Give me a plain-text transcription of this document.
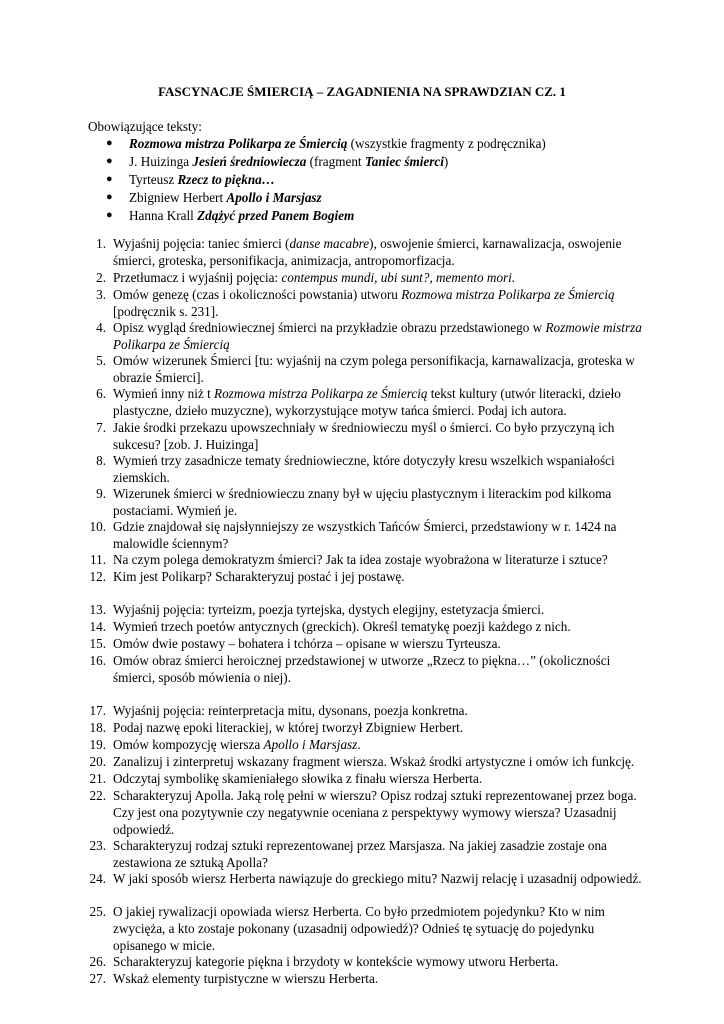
FASCYNACJE ŚMIERCIĄ – ZAGADNIENIA NA SPRAWDZIAN CZ. 1
Obowiązujące teksty:
● Rozmowa mistrza Polikarpa ze Śmiercią (wszystkie fragmenty z podręcznika)
● J. Huizinga Jesień średniowiecza (fragment Taniec śmierci)
● Tyrteusz Rzecz to piękna…
● Zbigniew Herbert Apollo i Marsjasz
● Hanna Krall Zdążyć przed Panem Bogiem
1. Wyjaśnij pojęcia: taniec śmierci (danse macabre), oswojenie śmierci, karnawalizacja, oswojenie śmierci, groteska, personifikacja, animizacja, antropomorfizacja.
2. Przetłumacz i wyjaśnij pojęcia: contempus mundi, ubi sunt?, memento mori.
3. Omów genezę (czas i okoliczności powstania) utworu Rozmowa mistrza Polikarpa ze Śmiercią [podręcznik s. 231].
4. Opisz wygląd średniowiecznej śmierci na przykładzie obrazu przedstawionego w Rozmowie mistrza Polikarpa ze Śmiercią
5. Omów wizerunek Śmierci [tu: wyjaśnij na czym polega personifikacja, karnawalizacja, groteska w obrazie Śmierci].
6. Wymień inny niż t Rozmowa mistrza Polikarpa ze Śmiercią tekst kultury (utwór literacki, dzieło plastyczne, dzieło muzyczne), wykorzystujące motyw tańca śmierci. Podaj ich autora.
7. Jakie środki przekazu upowszechniały w średniowieczu myśl o śmierci. Co było przyczyną ich sukcesu? [zob. J. Huizinga]
8. Wymień trzy zasadnicze tematy średniowieczne, które dotyczyły kresu wszelkich wspaniałości ziemskich.
9. Wizerunek śmierci w średniowieczu znany był w ujęciu plastycznym i literackim pod kilkoma postaciami. Wymień je.
10. Gdzie znajdował się najsłynniejszy ze wszystkich Tańców Śmierci, przedstawiony w r. 1424 na malowidle ściennym?
11. Na czym polega demokratyzm śmierci? Jak ta idea zostaje wyobrażona w literaturze i sztuce?
12. Kim jest Polikarp? Scharakteryzuj postać i jej postawę.
13. Wyjaśnij pojęcia: tyrteizm, poezja tyrtejska, dystych elegijny, estetyzacja śmierci.
14. Wymień trzech poetów antycznych (greckich). Określ tematykę poezji każdego z nich.
15. Omów dwie postawy – bohatera i tchórza – opisane w wierszu Tyrteusza.
16. Omów obraz śmierci heroicznej przedstawionej w utworze „Rzecz to piękna…” (okoliczności śmierci, sposób mówienia o niej).
17. Wyjaśnij pojęcia: reinterpretacja mitu, dysonans, poezja konkretna.
18. Podaj nazwę epoki literackiej, w której tworzył Zbigniew Herbert.
19. Omów kompozycję wiersza Apollo i Marsjasz.
20. Zanalizuj i zinterpretuj wskazany fragment wiersza. Wskaż środki artystyczne i omów ich funkcję.
21. Odczytaj symbolikę skamieniałego słowika z finału wiersza Herberta.
22. Scharakteryzuj Apolla. Jaką rolę pełni w wierszu? Opisz rodzaj sztuki reprezentowanej przez boga. Czy jest ona pozytywnie czy negatywnie oceniana z perspektywy wymowy wiersza? Uzasadnij odpowiedź.
23. Scharakteryzuj rodzaj sztuki reprezentowanej przez Marsjasza. Na jakiej zasadzie zostaje ona zestawiona ze sztuką Apolla?
24. W jaki sposób wiersz Herberta nawiązuje do greckiego mitu? Nazwij relację i uzasadnij odpowiedź.
25. O jakiej rywalizacji opowiada wiersz Herberta. Co było przedmiotem pojedynku? Kto w nim zwycięża, a kto zostaje pokonany (uzasadnij odpowiedź)? Odnieś tę sytuację do pojedynku opisanego w micie.
26. Scharakteryzuj kategorie piękna i brzydoty w kontekście wymowy utworu Herberta.
27. Wskaż elementy turpistyczne w wierszu Herberta.
